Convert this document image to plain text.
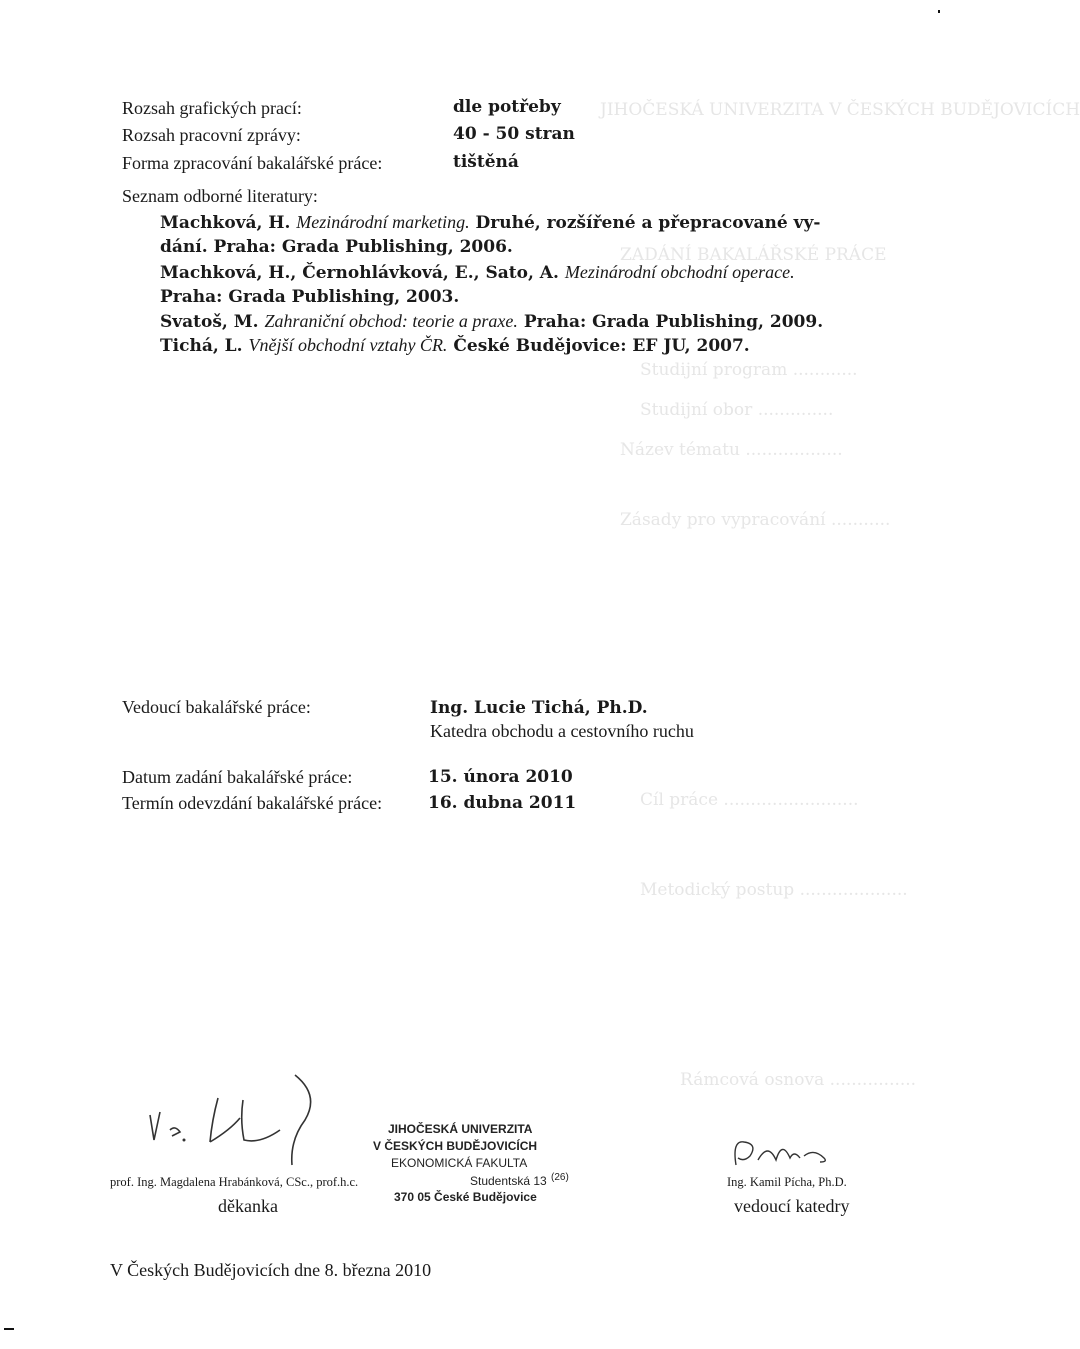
JIHOČESKÁ UNIVERZITA V ČESKÝCH BUDĚJOVICÍCH
ZADÁNÍ BAKALÁŘSKÉ PRÁCE
Studijní program ............
Studijní obor ..............
Název tématu ..................
Zásady pro vypracování ...........
Cíl práce .........................
Metodický postup ....................
Rámcová osnova ................
Rozsah grafických prací:	dle potřeby
Rozsah pracovní zprávy:	40 - 50 stran
Forma zpracování bakalářské práce:	tištěná
Seznam odborné literatury:
Machková, H. Mezinárodní marketing. Druhé, rozšířené a přepracované vy-
dání. Praha: Grada Publishing, 2006.
Machková, H., Černohlávková, E., Sato, A. Mezinárodní obchodní operace.
Praha: Grada Publishing, 2003.
Svatoš, M. Zahraniční obchod: teorie a praxe. Praha: Grada Publishing, 2009.
Tichá, L. Vnější obchodní vztahy ČR. České Budějovice: EF JU, 2007.
Vedoucí bakalářské práce:	Ing. Lucie Tichá, Ph.D.
Katedra obchodu a cestovního ruchu
Datum zadání bakalářské práce:	15. února 2010
Termín odevzdání bakalářské práce:	16. dubna 2011
JIHOČESKÁ UNIVERZITA
V ČESKÝCH BUDĚJOVICÍCH
EKONOMICKÁ FAKULTA
Studentská 13 (26)
370 05 České Budějovice
prof. Ing. Magdalena Hrabánková, CSc., prof.h.c.
děkanka
Ing. Kamil Pícha, Ph.D.
vedoucí katedry
V Českých Budějovicích dne 8. března 2010
